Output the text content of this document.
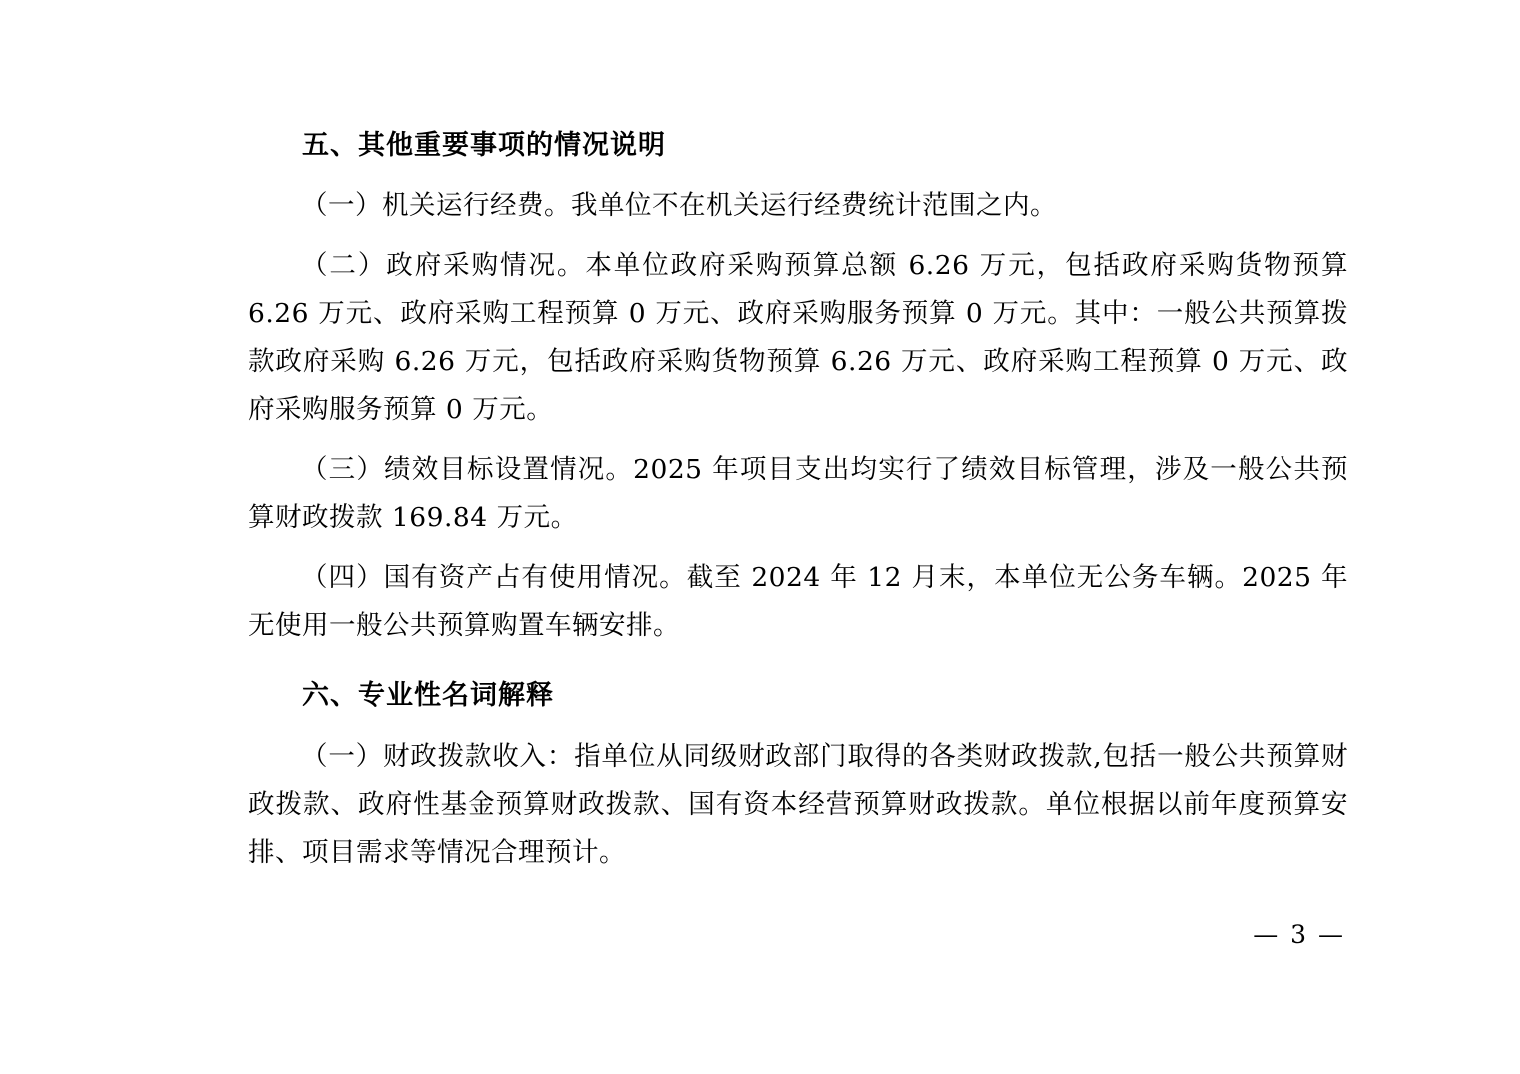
五、其他重要事项的情况说明

（一）机关运行经费。我单位不在机关运行经费统计范围之内。

（二）政府采购情况。本单位政府采购预算总额 6.26 万元，包括政府采购货物预算 6.26 万元、政府采购工程预算 0 万元、政府采购服务预算 0 万元。其中：一般公共预算拨款政府采购 6.26 万元，包括政府采购货物预算 6.26 万元、政府采购工程预算 0 万元、政府采购服务预算 0 万元。

（三）绩效目标设置情况。2025 年项目支出均实行了绩效目标管理，涉及一般公共预算财政拨款 169.84 万元。

（四）国有资产占有使用情况。截至 2024 年 12 月末，本单位无公务车辆。2025 年无使用一般公共预算购置车辆安排。

六、专业性名词解释

（一）财政拨款收入：指单位从同级财政部门取得的各类财政拨款,包括一般公共预算财政拨款、政府性基金预算财政拨款、国有资本经营预算财政拨款。单位根据以前年度预算安排、项目需求等情况合理预计。

— 3 —
